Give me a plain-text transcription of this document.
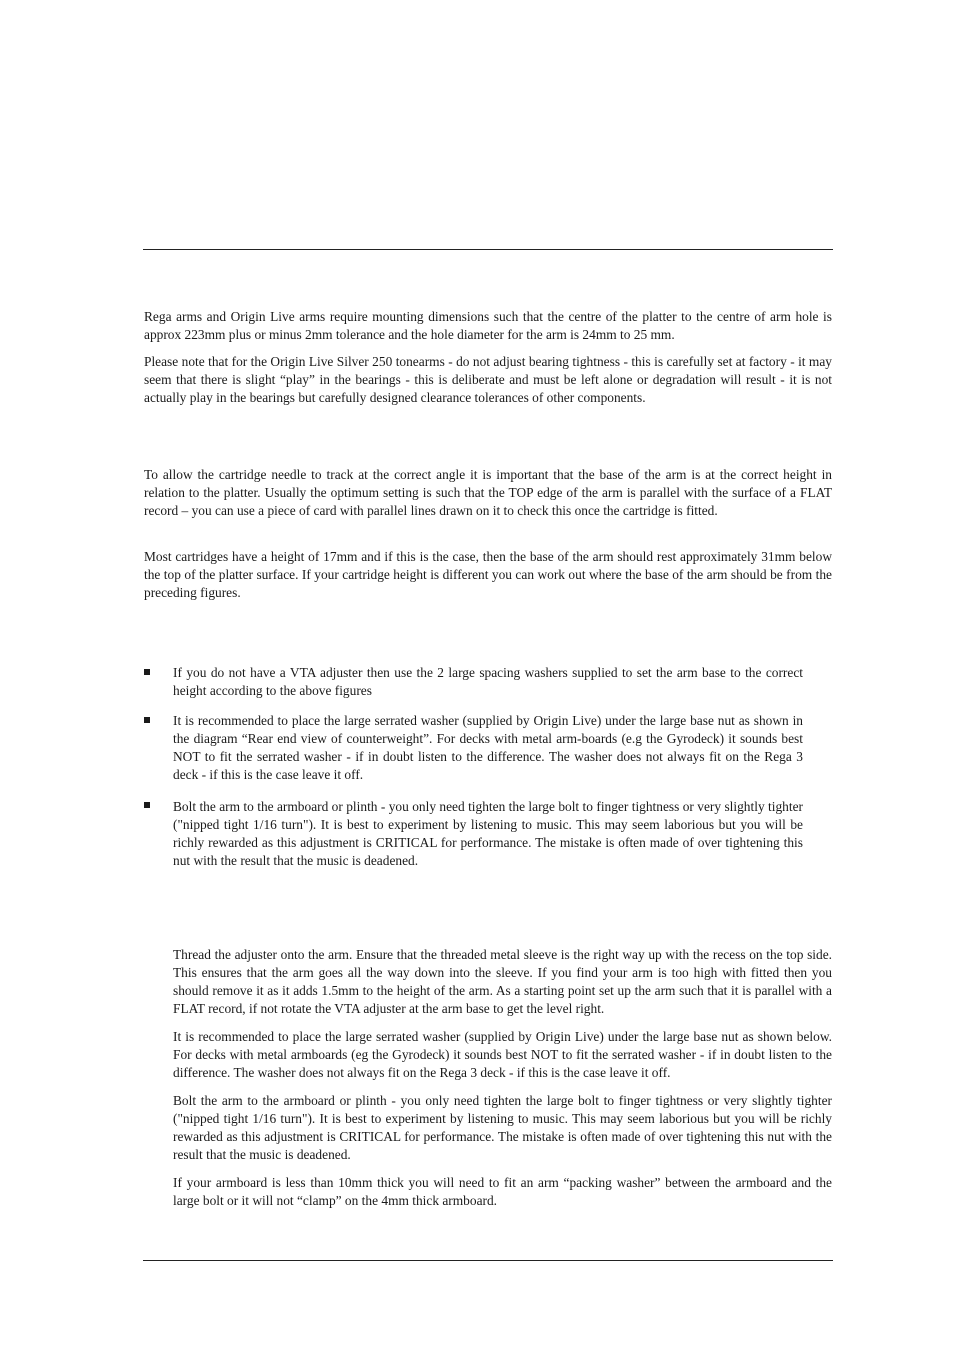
Rega arms and Origin Live arms require mounting dimensions such that the centre of the platter to the centre of arm hole is approx 223mm plus or minus 2mm tolerance and the hole diameter for the arm is 24mm to 25 mm.

Please note that for the Origin Live Silver 250 tonearms - do not adjust bearing tightness - this is carefully set at factory - it may seem that there is slight “play” in the bearings - this is deliberate and must be left alone or degradation will result - it is not actually play in the bearings but carefully designed clearance tolerances of other components.

To allow the cartridge needle to track at the correct angle it is important that the base of the arm is at the correct height in relation to the platter. Usually the optimum setting is such that the TOP edge of the arm is parallel with the surface of a FLAT record – you can use a piece of card with parallel lines drawn on it to check this once the cartridge is fitted.

Most cartridges have a height of 17mm and if this is the case, then the base of the arm should rest approximately 31mm below the top of the platter surface. If your cartridge height is different you can work out where the base of the arm should be from the preceding figures.

If you do not have a VTA adjuster then use the 2 large spacing washers supplied to set the arm base to the correct height according to the above figures

It is recommended to place the large serrated washer (supplied by Origin Live) under the large base nut as shown in the diagram “Rear end view of counterweight”. For decks with metal arm-boards (e.g the Gyrodeck) it sounds best NOT to fit the serrated washer - if in doubt listen to the difference. The washer does not always fit on the Rega 3 deck - if this is the case leave it off.

Bolt the arm to the armboard or plinth - you only need tighten the large bolt to finger tightness or very slightly tighter ("nipped tight 1/16 turn"). It is best to experiment by listening to music. This may seem laborious but you will be richly rewarded as this adjustment is CRITICAL for performance. The mistake is often made of over tightening this nut with the result that the music is deadened.

Thread the adjuster onto the arm. Ensure that the threaded metal sleeve is the right way up with the recess on the top side. This ensures that the arm goes all the way down into the sleeve. If you find your arm is too high with fitted then you should remove it as it adds 1.5mm to the height of the arm. As a starting point set up the arm such that it is parallel with a FLAT record, if not rotate the VTA adjuster at the arm base to get the level right.

It is recommended to place the large serrated washer (supplied by Origin Live) under the large base nut as shown below. For decks with metal armboards (eg the Gyrodeck) it sounds best NOT to fit the serrated washer - if in doubt listen to the difference. The washer does not always fit on the Rega 3 deck - if this is the case leave it off.

Bolt the arm to the armboard or plinth - you only need tighten the large bolt to finger tightness or very slightly tighter ("nipped tight 1/16 turn"). It is best to experiment by listening to music. This may seem laborious but you will be richly rewarded as this adjustment is CRITICAL for performance. The mistake is often made of over tightening this nut with the result that the music is deadened.

If your armboard is less than 10mm thick you will need to fit an arm “packing washer” between the armboard and the large bolt or it will not “clamp” on the 4mm thick armboard.
